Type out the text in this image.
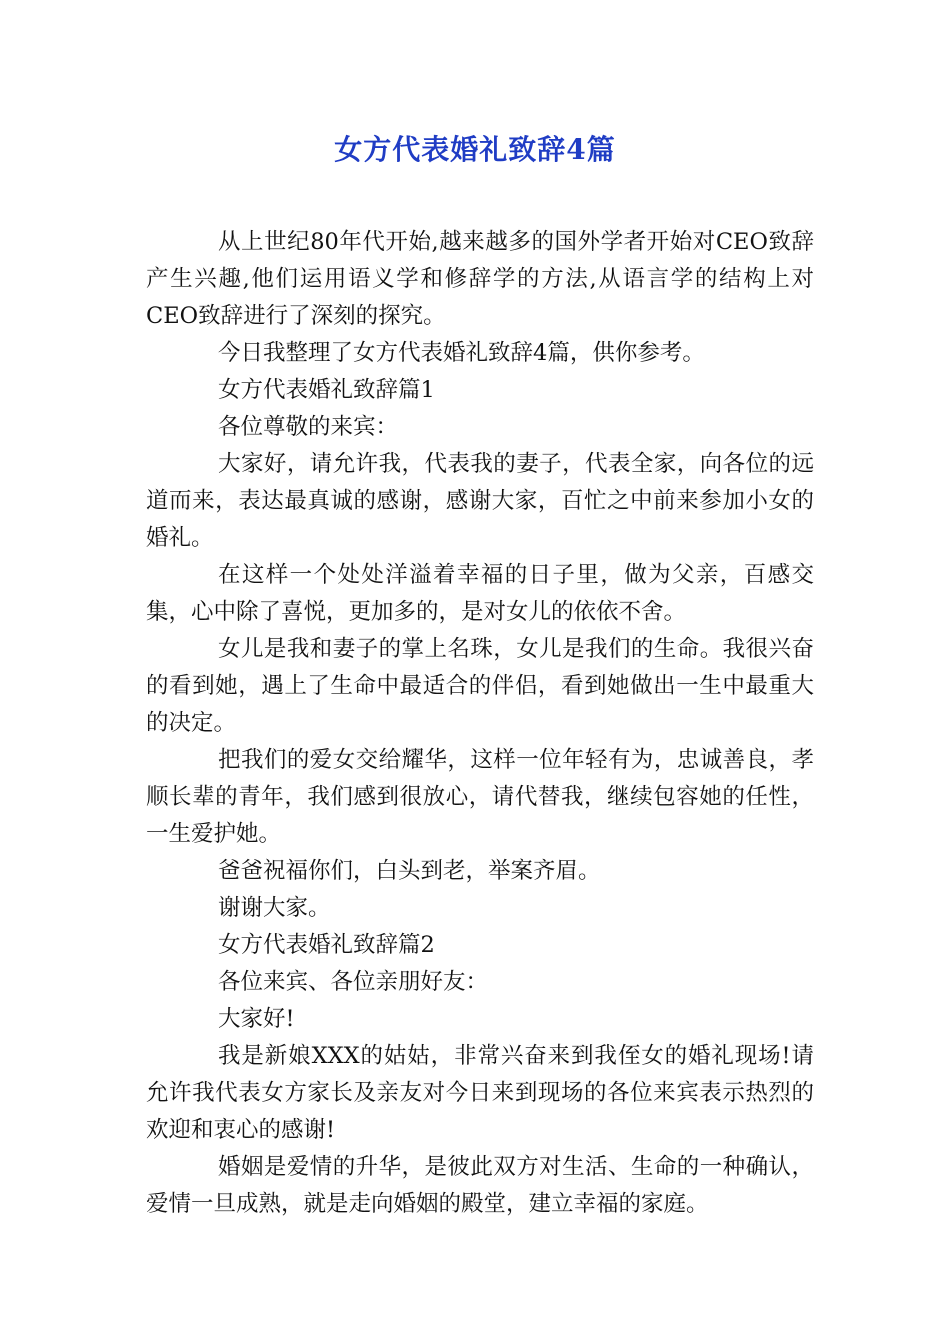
女方代表婚礼致辞4篇

从上世纪80年代开始,越来越多的国外学者开始对CEO致辞产生兴趣,他们运用语义学和修辞学的方法,从语言学的结构上对CEO致辞进行了深刻的探究。

今日我整理了女方代表婚礼致辞4篇，供你参考。

女方代表婚礼致辞篇1

各位尊敬的来宾：

大家好，请允许我，代表我的妻子，代表全家，向各位的远道而来，表达最真诚的感谢，感谢大家，百忙之中前来参加小女的婚礼。

在这样一个处处洋溢着幸福的日子里，做为父亲，百感交集，心中除了喜悦，更加多的，是对女儿的依依不舍。

女儿是我和妻子的掌上名珠，女儿是我们的生命。我很兴奋的看到她，遇上了生命中最适合的伴侣，看到她做出一生中最重大的决定。

把我们的爱女交给耀华，这样一位年轻有为，忠诚善良，孝顺长辈的青年，我们感到很放心，请代替我，继续包容她的任性，一生爱护她。

爸爸祝福你们，白头到老，举案齐眉。

谢谢大家。

女方代表婚礼致辞篇2

各位来宾、各位亲朋好友：

大家好!

我是新娘XXX的姑姑，非常兴奋来到我侄女的婚礼现场!请允许我代表女方家长及亲友对今日来到现场的各位来宾表示热烈的欢迎和衷心的感谢!

婚姻是爱情的升华，是彼此双方对生活、生命的一种确认，爱情一旦成熟，就是走向婚姻的殿堂，建立幸福的家庭。
